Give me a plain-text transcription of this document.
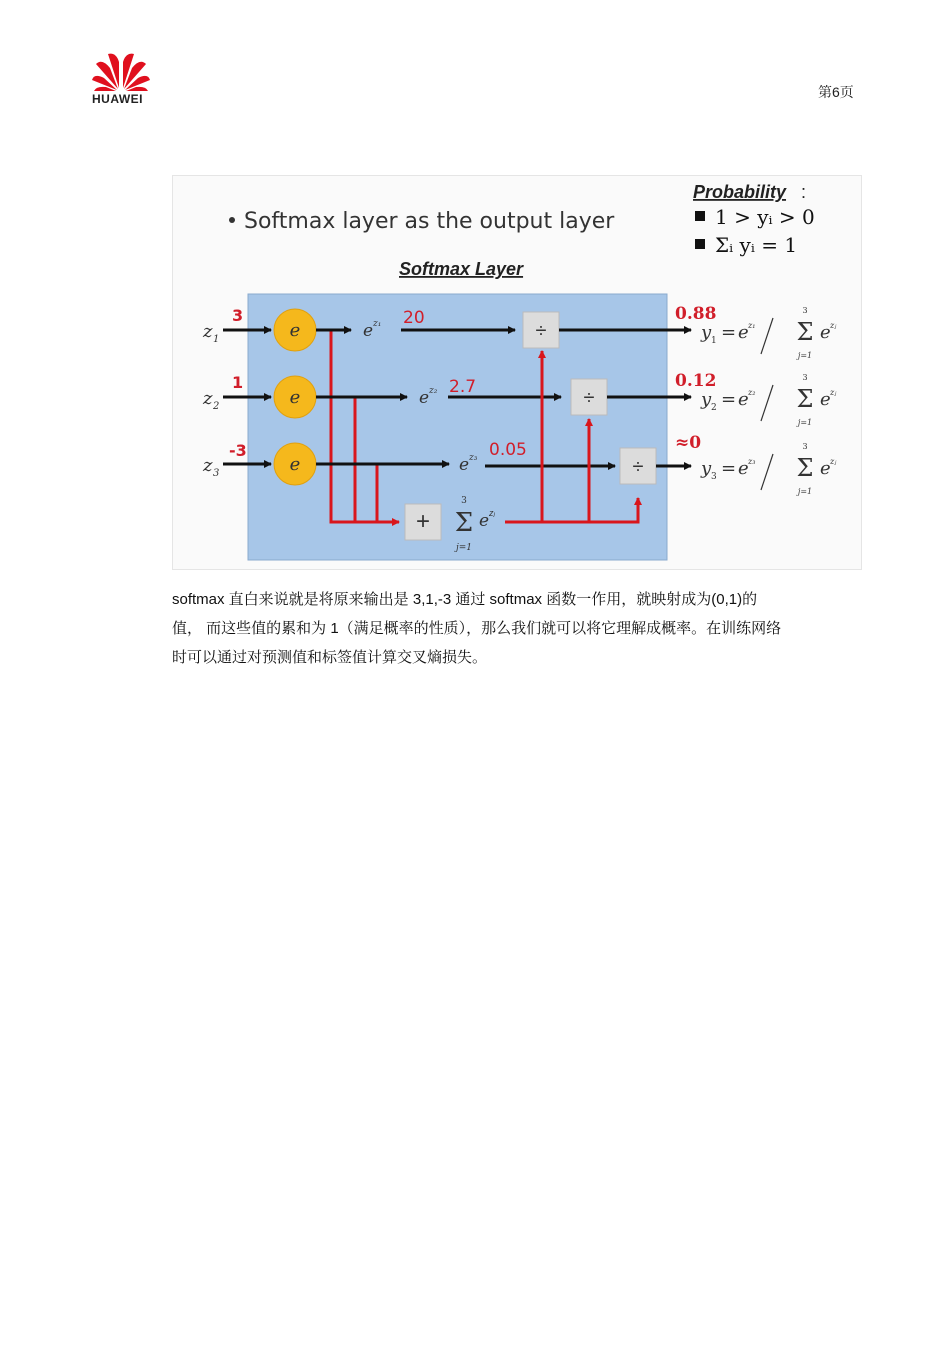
HUAWEI	第6页
Softmax layer as the output layer
Probability :
1 > yᵢ > 0
Σᵢ yᵢ = 1
Softmax Layer
z 1
z 2
z 3
3
1
-3
e
e
e
e z₁
e z₂
e z₃
20
2.7
0.05
+
3
Σ
j=1
e zⱼ
÷
÷
÷
0.88
0.12
≈0
y 1 = e z₁
3
Σ
j=1
e zⱼ
y 2 = e z₂
3
Σ
j=1
e zⱼ
y 3 = e z₃
3
Σ
j=1
e zⱼ
softmax 直白来说就是将原来输出是 3,1,-3 通过 softmax 函数一作用，就映射成为(0,1)的
值， 而这些值的累和为 1（满足概率的性质），那么我们就可以将它理解成概率。在训练网络
时可以通过对预测值和标签值计算交叉熵损失。
